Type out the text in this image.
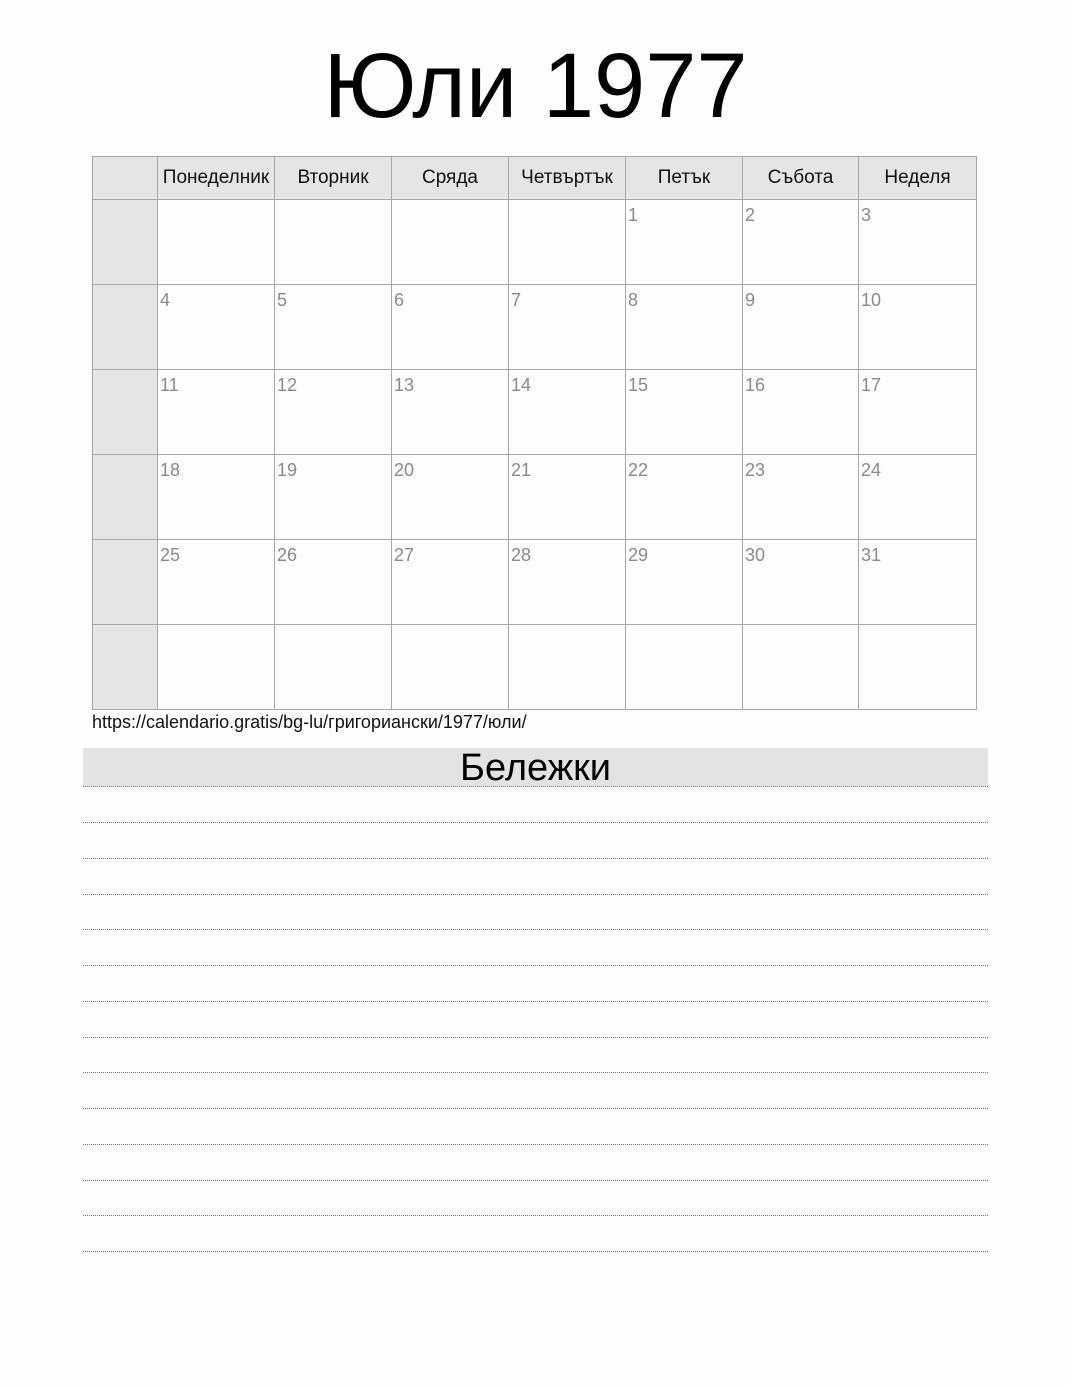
Юли 1977
	Понеделник	Вторник	Сряда	Четвъртък	Петък	Събота	Неделя

					1	2	3

	4	5	6	7	8	9	10

	11	12	13	14	15	16	17

	18	19	20	21	22	23	24

	25	26	27	28	29	30	31

https://calendario.gratis/bg-lu/григориански/1977/юли/
Бележки
